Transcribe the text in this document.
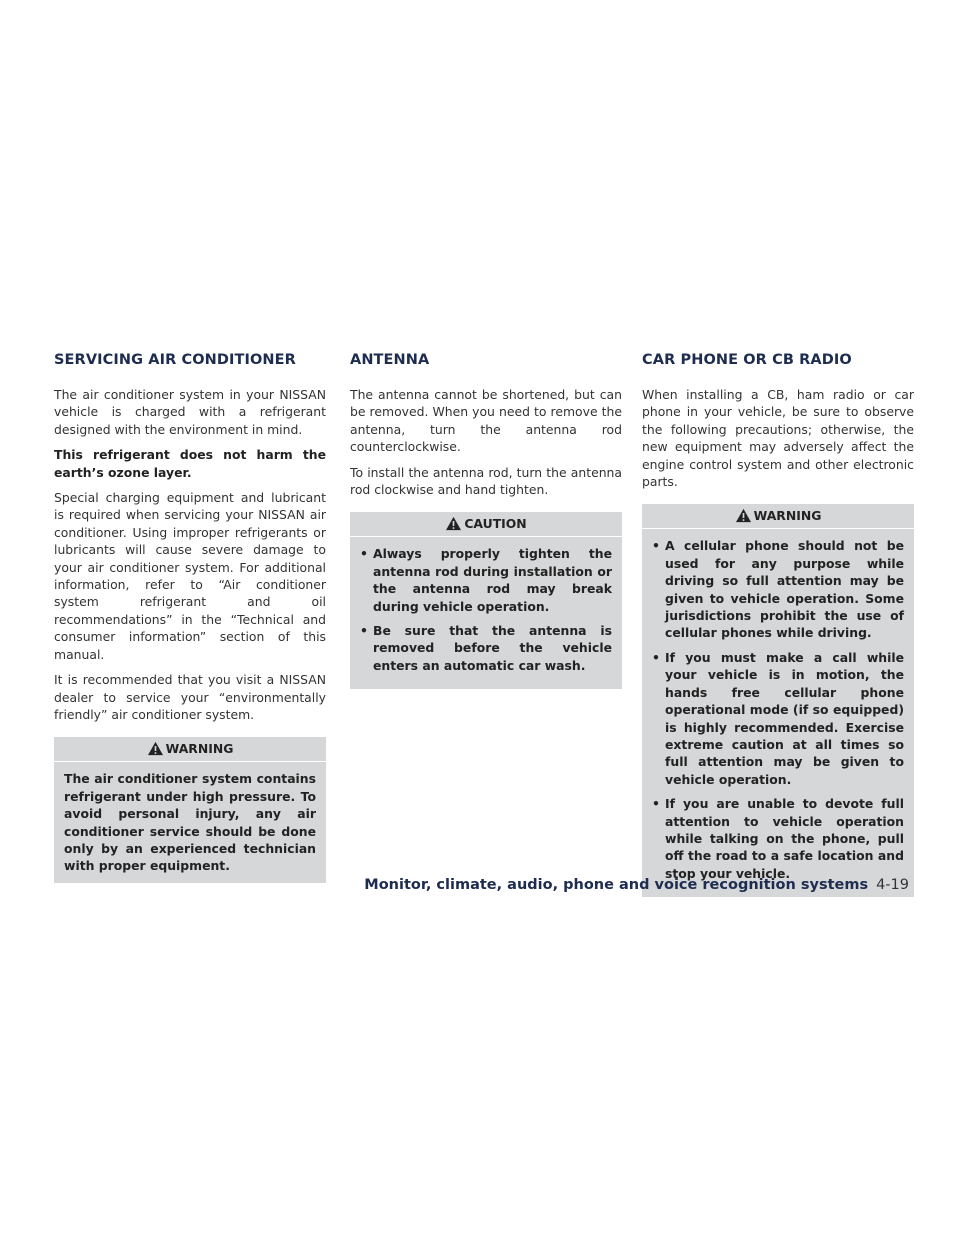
SERVICING AIR CONDITIONER

The air conditioner system in your NISSAN vehicle is charged with a refrigerant designed with the environment in mind.

This refrigerant does not harm the earth’s ozone layer.

Special charging equipment and lubricant is required when servicing your NISSAN air conditioner. Using improper refrigerants or lubricants will cause severe damage to your air conditioner system. For additional information, refer to “Air conditioner system refrigerant and oil recommendations” in the “Technical and consumer information” section of this manual.

It is recommended that you visit a NISSAN dealer to service your “environmentally friendly” air conditioner system.

WARNING

The air conditioner system contains refrigerant under high pressure. To avoid personal injury, any air conditioner service should be done only by an experienced technician with proper equipment.

ANTENNA

The antenna cannot be shortened, but can be removed. When you need to remove the antenna, turn the antenna rod counterclockwise.

To install the antenna rod, turn the antenna rod clockwise and hand tighten.

CAUTION
• Always properly tighten the antenna rod during installation or the antenna rod may break during vehicle operation.
• Be sure that the antenna is removed before the vehicle enters an automatic car wash.
CAR PHONE OR CB RADIO

When installing a CB, ham radio or car phone in your vehicle, be sure to observe the following precautions; otherwise, the new equipment may adversely affect the engine control system and other electronic parts.

WARNING
• A cellular phone should not be used for any purpose while driving so full attention may be given to vehicle operation. Some jurisdictions prohibit the use of cellular phones while driving.
• If you must make a call while your vehicle is in motion, the hands free cellular phone operational mode (if so equipped) is highly recommended. Exercise extreme caution at all times so full attention may be given to vehicle operation.
• If you are unable to devote full attention to vehicle operation while talking on the phone, pull off the road to a safe location and stop your vehicle.
Monitor, climate, audio, phone and voice recognition systems 4-19
